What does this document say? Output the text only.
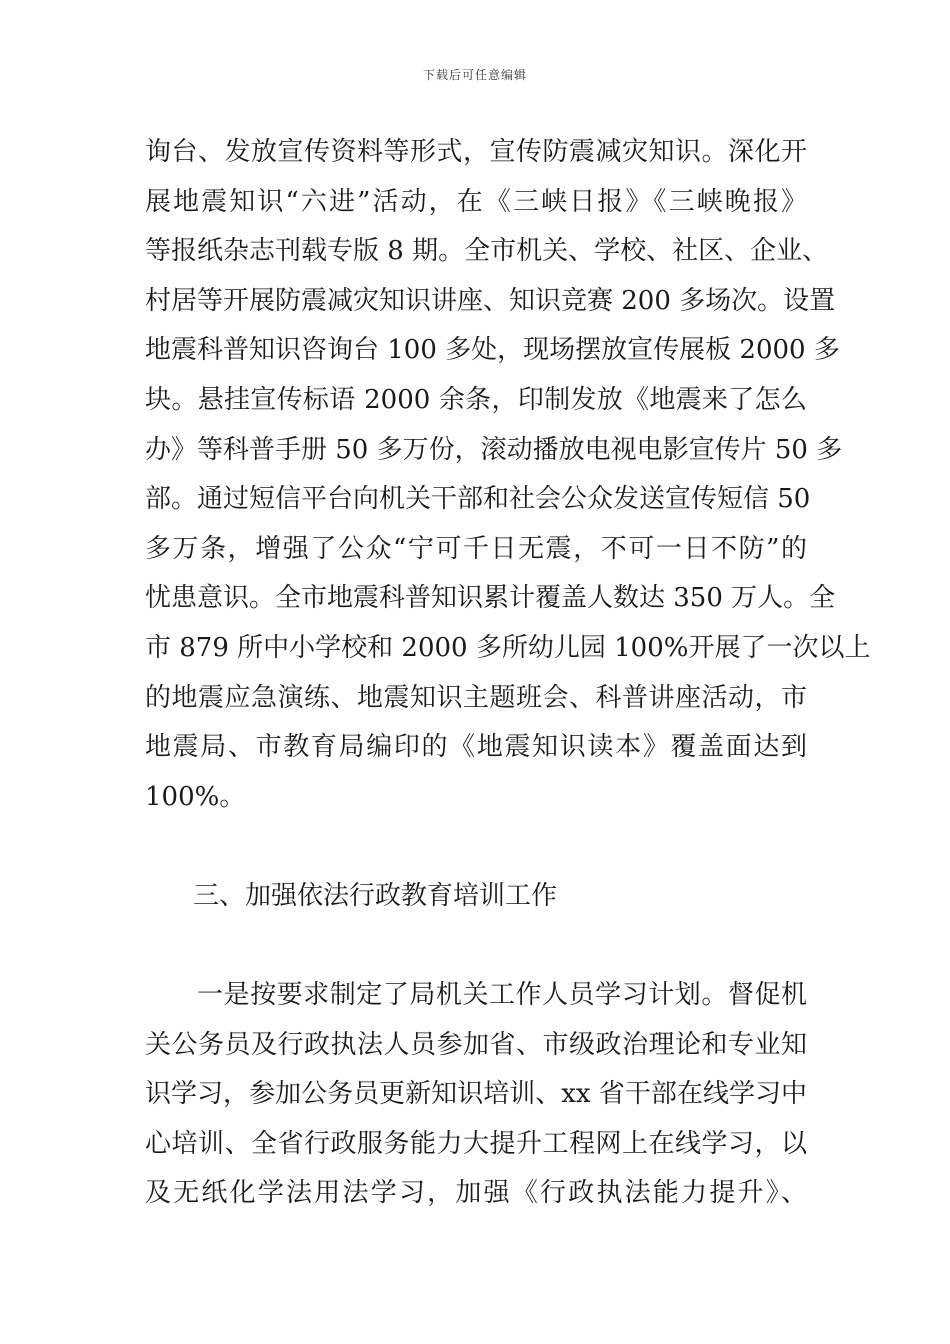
下载后可任意编辑
询台、发放宣传资料等形式，宣传防震减灾知识。深化开
展地震知识“六进”活动，在《三峡日报》《三峡晚报》
等报纸杂志刊载专版 8 期。全市机关、学校、社区、企业、
村居等开展防震减灾知识讲座、知识竞赛 200 多场次。设置
地震科普知识咨询台 100 多处，现场摆放宣传展板 2000 多
块。悬挂宣传标语 2000 余条，印制发放《地震来了怎么
办》等科普手册 50 多万份，滚动播放电视电影宣传片 50 多
部。通过短信平台向机关干部和社会公众发送宣传短信 50
多万条，增强了公众“宁可千日无震，不可一日不防”的
忧患意识。全市地震科普知识累计覆盖人数达 350 万人。全
市 879 所中小学校和 2000 多所幼儿园 100%开展了一次以上
的地震应急演练、地震知识主题班会、科普讲座活动，市
地震局、市教育局编印的《地震知识读本》覆盖面达到
100%。
三、加强依法行政教育培训工作
一是按要求制定了局机关工作人员学习计划。督促机
关公务员及行政执法人员参加省、市级政治理论和专业知
识学习，参加公务员更新知识培训、xx 省干部在线学习中
心培训、全省行政服务能力大提升工程网上在线学习，以
及无纸化学法用法学习，加强《行政执法能力提升》、
